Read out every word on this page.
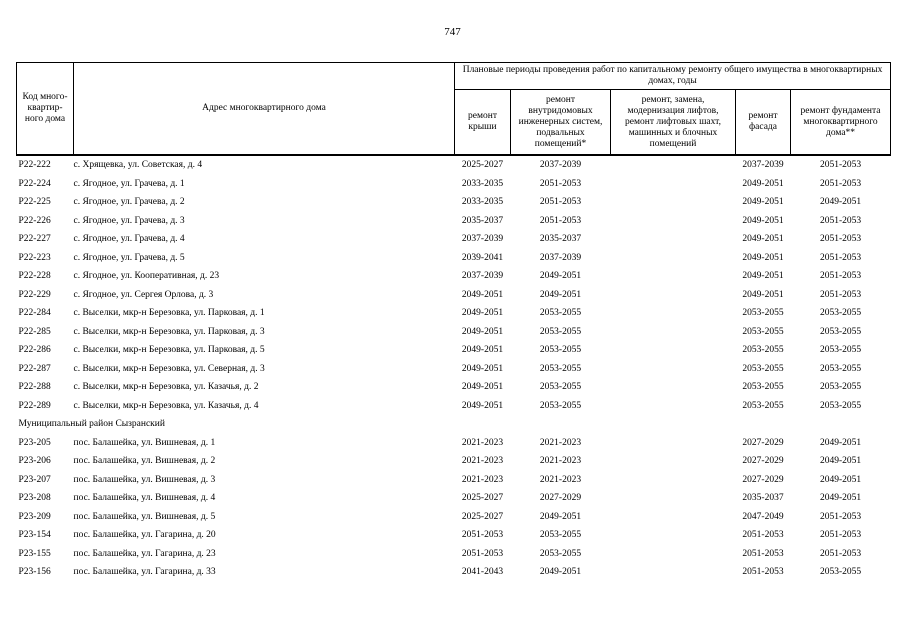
747
Код много-квартир-ного дома	Адрес многоквартирного дома	Плановые периоды проведения работ по капитальному ремонту общего имущества в многоквартирных домах, годы				
		ремонт крыши	ремонт внутридомовых инженерных систем, подвальных помещений*	ремонт, замена, модернизация лифтов, ремонт лифтовых шахт, машинных и блочных помещений	ремонт фасада	ремонт фундамента многоквартирного дома**
Р22-222	с. Хрящевка, ул. Советская, д. 4	2025-2027	2037-2039		2037-2039	2051-2053
Р22-224	с. Ягодное, ул. Грачева, д. 1	2033-2035	2051-2053		2049-2051	2051-2053
Р22-225	с. Ягодное, ул. Грачева, д. 2	2033-2035	2051-2053		2049-2051	2049-2051
Р22-226	с. Ягодное, ул. Грачева, д. 3	2035-2037	2051-2053		2049-2051	2051-2053
Р22-227	с. Ягодное, ул. Грачева, д. 4	2037-2039	2035-2037		2049-2051	2051-2053
Р22-223	с. Ягодное, ул. Грачева, д. 5	2039-2041	2037-2039		2049-2051	2051-2053
Р22-228	с. Ягодное, ул. Кооперативная, д. 23	2037-2039	2049-2051		2049-2051	2051-2053
Р22-229	с. Ягодное, ул. Сергея Орлова, д. 3	2049-2051	2049-2051		2049-2051	2051-2053
Р22-284	с. Выселки, мкр-н Березовка, ул. Парковая, д. 1	2049-2051	2053-2055		2053-2055	2053-2055
Р22-285	с. Выселки, мкр-н Березовка, ул. Парковая, д. 3	2049-2051	2053-2055		2053-2055	2053-2055
Р22-286	с. Выселки, мкр-н Березовка, ул. Парковая, д. 5	2049-2051	2053-2055		2053-2055	2053-2055
Р22-287	с. Выселки, мкр-н Березовка, ул. Северная, д. 3	2049-2051	2053-2055		2053-2055	2053-2055
Р22-288	с. Выселки, мкр-н Березовка, ул. Казачья, д. 2	2049-2051	2053-2055		2053-2055	2053-2055
Р22-289	с. Выселки, мкр-н Березовка, ул. Казачья, д. 4	2049-2051	2053-2055		2053-2055	2053-2055
Муниципальный район Сызранский						
Р23-205	пос. Балашейка, ул. Вишневая, д. 1	2021-2023	2021-2023		2027-2029	2049-2051
Р23-206	пос. Балашейка, ул. Вишневая, д. 2	2021-2023	2021-2023		2027-2029	2049-2051
Р23-207	пос. Балашейка, ул. Вишневая, д. 3	2021-2023	2021-2023		2027-2029	2049-2051
Р23-208	пос. Балашейка, ул. Вишневая, д. 4	2025-2027	2027-2029		2035-2037	2049-2051
Р23-209	пос. Балашейка, ул. Вишневая, д. 5	2025-2027	2049-2051		2047-2049	2051-2053
Р23-154	пос. Балашейка, ул. Гагарина, д. 20	2051-2053	2053-2055		2051-2053	2051-2053
Р23-155	пос. Балашейка, ул. Гагарина, д. 23	2051-2053	2053-2055		2051-2053	2051-2053
Р23-156	пос. Балашейка, ул. Гагарина, д. 33	2041-2043	2049-2051		2051-2053	2053-2055
